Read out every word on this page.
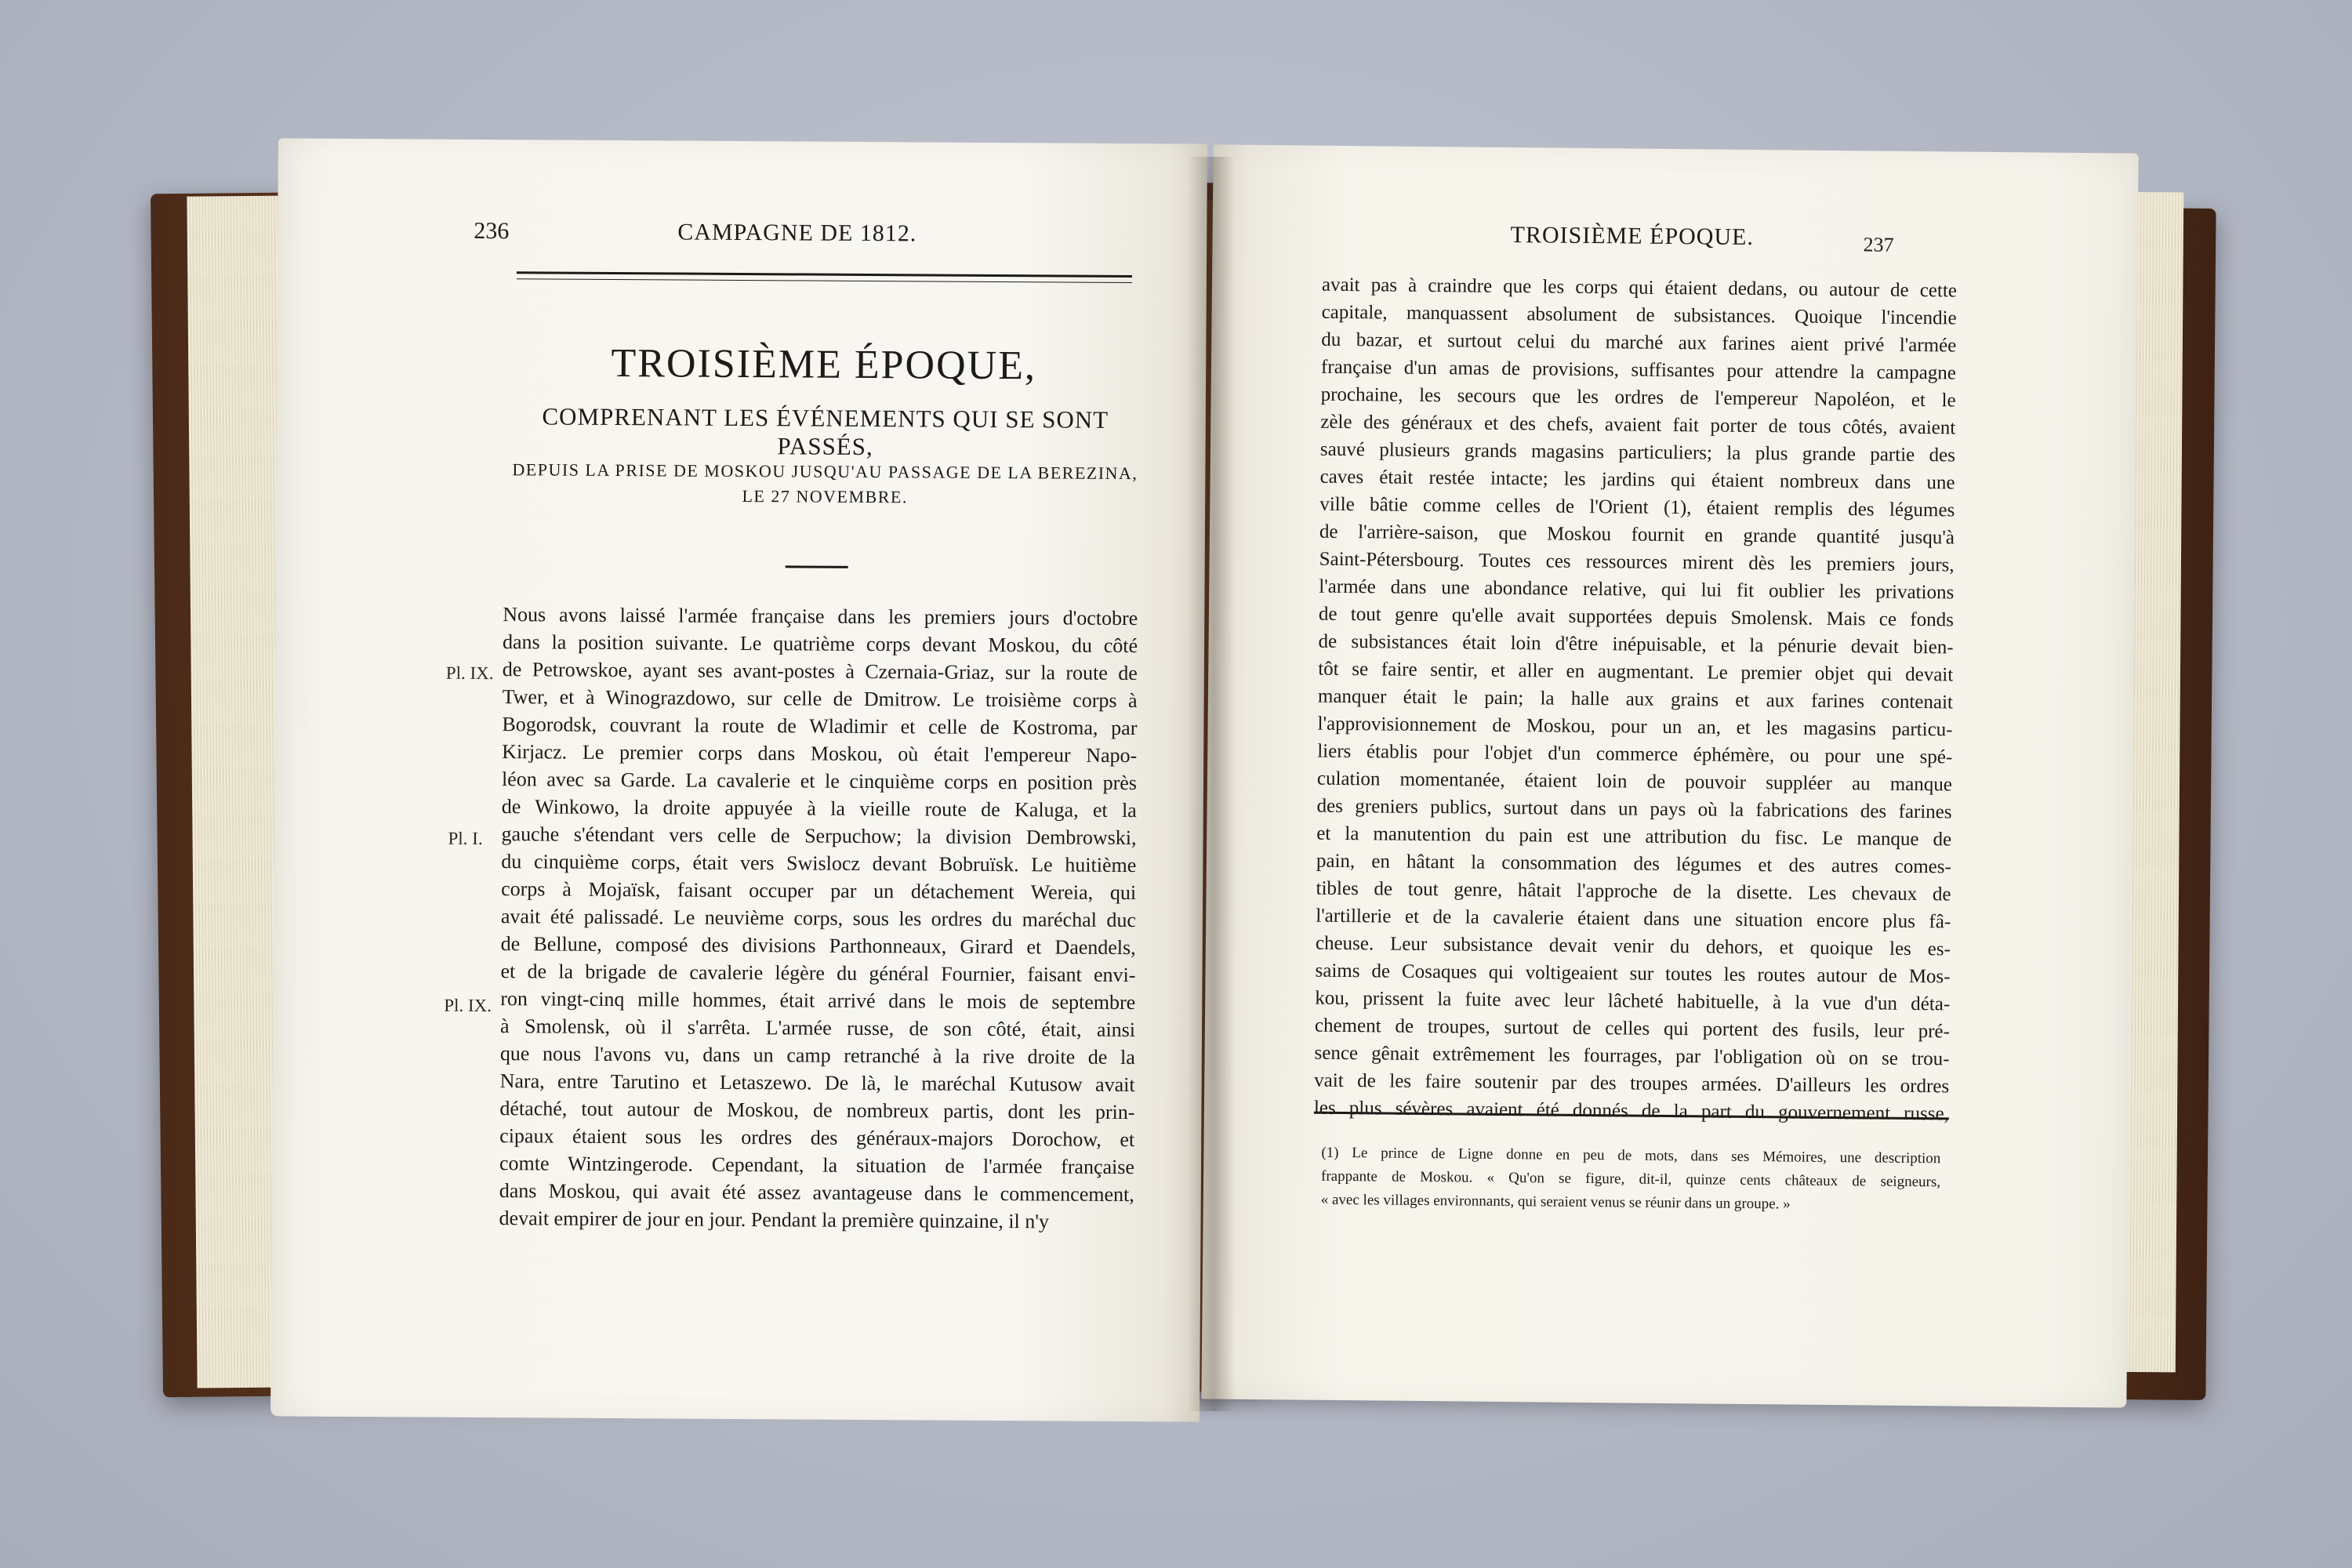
236	CAMPAGNE DE 1812.
TROISIÈME ÉPOQUE,
COMPRENANT LES ÉVÉNEMENTS QUI SE SONT PASSÉS,
DEPUIS LA PRISE DE MOSKOU JUSQU'AU PASSAGE DE LA BEREZINA,
LE 27 NOVEMBRE.
Pl. IX.
Pl. I.
Pl. IX.
Nous avons laissé l'armée française dans les premiers jours d'octobre
dans la position suivante. Le quatrième corps devant Moskou, du côté
de Petrowskoe, ayant ses avant-postes à Czernaia-Griaz, sur la route de
Twer, et à Winograzdowo, sur celle de Dmitrow. Le troisième corps à
Bogorodsk, couvrant la route de Wladimir et celle de Kostroma, par
Kirjacz. Le premier corps dans Moskou, où était l'empereur Napo-
léon avec sa Garde. La cavalerie et le cinquième corps en position près
de Winkowo, la droite appuyée à la vieille route de Kaluga, et la
gauche s'étendant vers celle de Serpuchow; la division Dembrowski,
du cinquième corps, était vers Swislocz devant Bobruïsk. Le huitième
corps à Mojaïsk, faisant occuper par un détachement Wereia, qui
avait été palissadé. Le neuvième corps, sous les ordres du maréchal duc
de Bellune, composé des divisions Parthonneaux, Girard et Daendels,
et de la brigade de cavalerie légère du général Fournier, faisant envi-
ron vingt-cinq mille hommes, était arrivé dans le mois de septembre
à Smolensk, où il s'arrêta. L'armée russe, de son côté, était, ainsi
que nous l'avons vu, dans un camp retranché à la rive droite de la
Nara, entre Tarutino et Letaszewo. De là, le maréchal Kutusow avait
détaché, tout autour de Moskou, de nombreux partis, dont les prin-
cipaux étaient sous les ordres des généraux-majors Dorochow, et
comte Wintzingerode. Cependant, la situation de l'armée française
dans Moskou, qui avait été assez avantageuse dans le commencement,
devait empirer de jour en jour. Pendant la première quinzaine, il n'y
TROISIÈME ÉPOQUE.	237
avait pas à craindre que les corps qui étaient dedans, ou autour de cette
capitale, manquassent absolument de subsistances. Quoique l'incendie
du bazar, et surtout celui du marché aux farines aient privé l'armée
française d'un amas de provisions, suffisantes pour attendre la campagne
prochaine, les secours que les ordres de l'empereur Napoléon, et le
zèle des généraux et des chefs, avaient fait porter de tous côtés, avaient
sauvé plusieurs grands magasins particuliers; la plus grande partie des
caves était restée intacte; les jardins qui étaient nombreux dans une
ville bâtie comme celles de l'Orient (1), étaient remplis des légumes
de l'arrière-saison, que Moskou fournit en grande quantité jusqu'à
Saint-Pétersbourg. Toutes ces ressources mirent dès les premiers jours,
l'armée dans une abondance relative, qui lui fit oublier les privations
de tout genre qu'elle avait supportées depuis Smolensk. Mais ce fonds
de subsistances était loin d'être inépuisable, et la pénurie devait bien-
tôt se faire sentir, et aller en augmentant. Le premier objet qui devait
manquer était le pain; la halle aux grains et aux farines contenait
l'approvisionnement de Moskou, pour un an, et les magasins particu-
liers établis pour l'objet d'un commerce éphémère, ou pour une spé-
culation momentanée, étaient loin de pouvoir suppléer au manque
des greniers publics, surtout dans un pays où la fabrications des farines
et la manutention du pain est une attribution du fisc. Le manque de
pain, en hâtant la consommation des légumes et des autres comes-
tibles de tout genre, hâtait l'approche de la disette. Les chevaux de
l'artillerie et de la cavalerie étaient dans une situation encore plus fâ-
cheuse. Leur subsistance devait venir du dehors, et quoique les es-
saims de Cosaques qui voltigeaient sur toutes les routes autour de Mos-
kou, prissent la fuite avec leur lâcheté habituelle, à la vue d'un déta-
chement de troupes, surtout de celles qui portent des fusils, leur pré-
sence gênait extrêmement les fourrages, par l'obligation où on se trou-
vait de les faire soutenir par des troupes armées. D'ailleurs les ordres
les plus sévères avaient été donnés de la part du gouvernement russe,
(1) Le prince de Ligne donne en peu de mots, dans ses Mémoires, une description
frappante de Moskou. « Qu'on se figure, dit-il, quinze cents châteaux de seigneurs,
« avec les villages environnants, qui seraient venus se réunir dans un groupe. »
